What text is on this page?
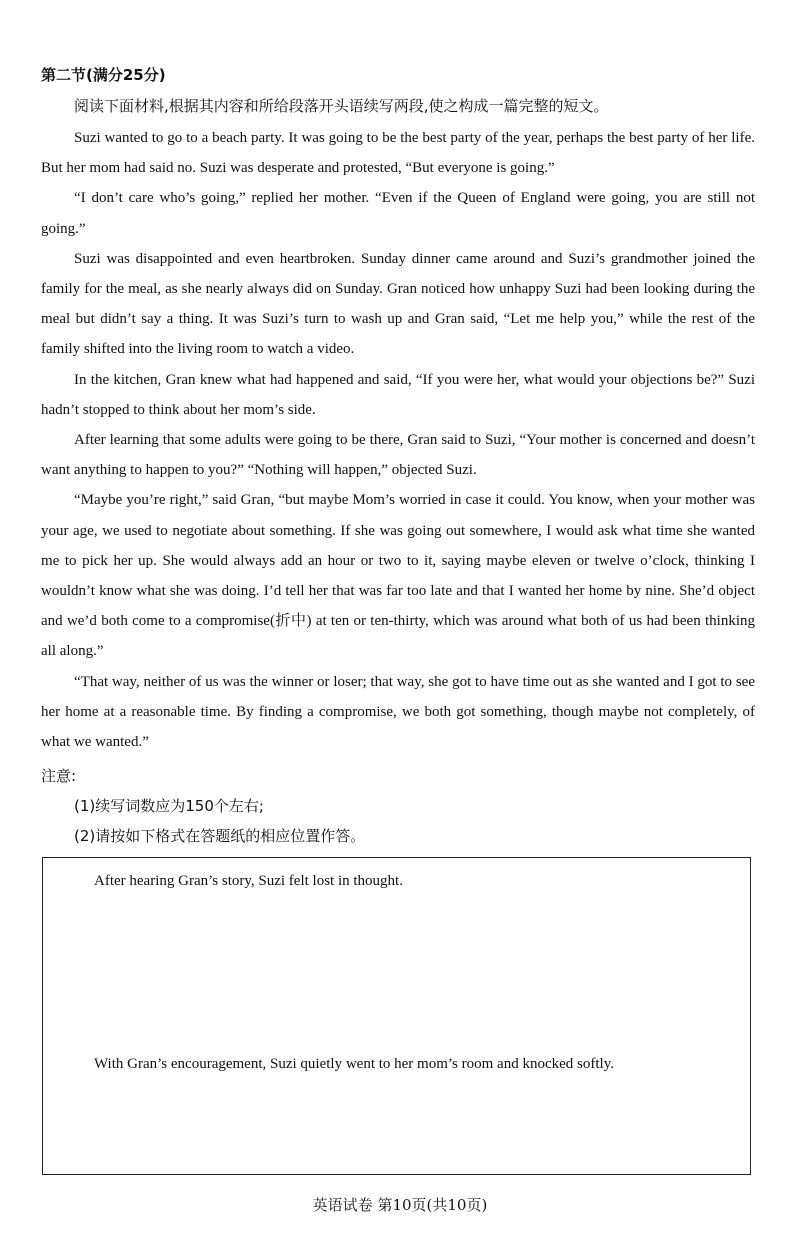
第二节(满分25分)
阅读下面材料,根据其内容和所给段落开头语续写两段,使之构成一篇完整的短文。

Suzi wanted to go to a beach party. It was going to be the best party of the year, perhaps the best party of her life. But her mom had said no. Suzi was desperate and protested, “But everyone is going.”

“I don’t care who’s going,” replied her mother. “Even if the Queen of England were going, you are still not going.”

Suzi was disappointed and even heartbroken. Sunday dinner came around and Suzi’s grandmother joined the family for the meal, as she nearly always did on Sunday. Gran noticed how unhappy Suzi had been looking during the meal but didn’t say a thing. It was Suzi’s turn to wash up and Gran said, “Let me help you,” while the rest of the family shifted into the living room to watch a video.

In the kitchen, Gran knew what had happened and said, “If you were her, what would your objections be?” Suzi hadn’t stopped to think about her mom’s side.

After learning that some adults were going to be there, Gran said to Suzi, “Your mother is concerned and doesn’t want anything to happen to you?” “Nothing will happen,” objected Suzi.

“Maybe you’re right,” said Gran, “but maybe Mom’s worried in case it could. You know, when your mother was your age, we used to negotiate about something. If she was going out somewhere, I would ask what time she wanted me to pick her up. She would always add an hour or two to it, saying maybe eleven or twelve o’clock, thinking I wouldn’t know what she was doing. I’d tell her that was far too late and that I wanted her home by nine. She’d object and we’d both come to a compromise(折中) at ten or ten-thirty, which was around what both of us had been thinking all along.”

“That way, neither of us was the winner or loser; that way, she got to have time out as she wanted and I got to see her home at a reasonable time. By finding a compromise, we both got something, though maybe not completely, of what we wanted.”

注意:
(1)续写词数应为150个左右;
(2)请按如下格式在答题纸的相应位置作答。
After hearing Gran’s story, Suzi felt lost in thought.
With Gran’s encouragement, Suzi quietly went to her mom’s room and knocked softly.
英语试卷 第10页(共10页)
